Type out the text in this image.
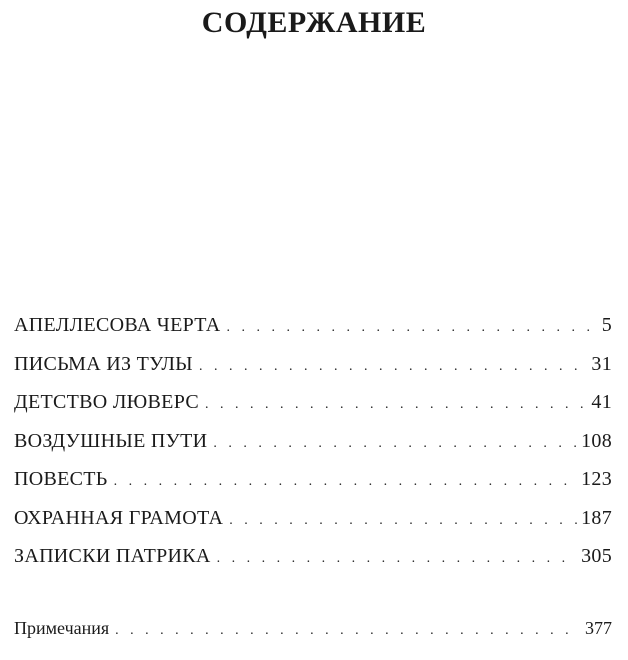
СОДЕРЖАНИЕ
АПЕЛЛЕСОВА ЧЕРТА . . .	5
ПИСЬМА ИЗ ТУЛЫ . . .	31
ДЕТСТВО ЛЮВЕРС . . .	41
ВОЗДУШНЫЕ ПУТИ . . .	108
ПОВЕСТЬ . . .	123
ОХРАННАЯ ГРАМОТА . . .	187
ЗАПИСКИ ПАТРИКА . . .	305
Примечания . . .	377
